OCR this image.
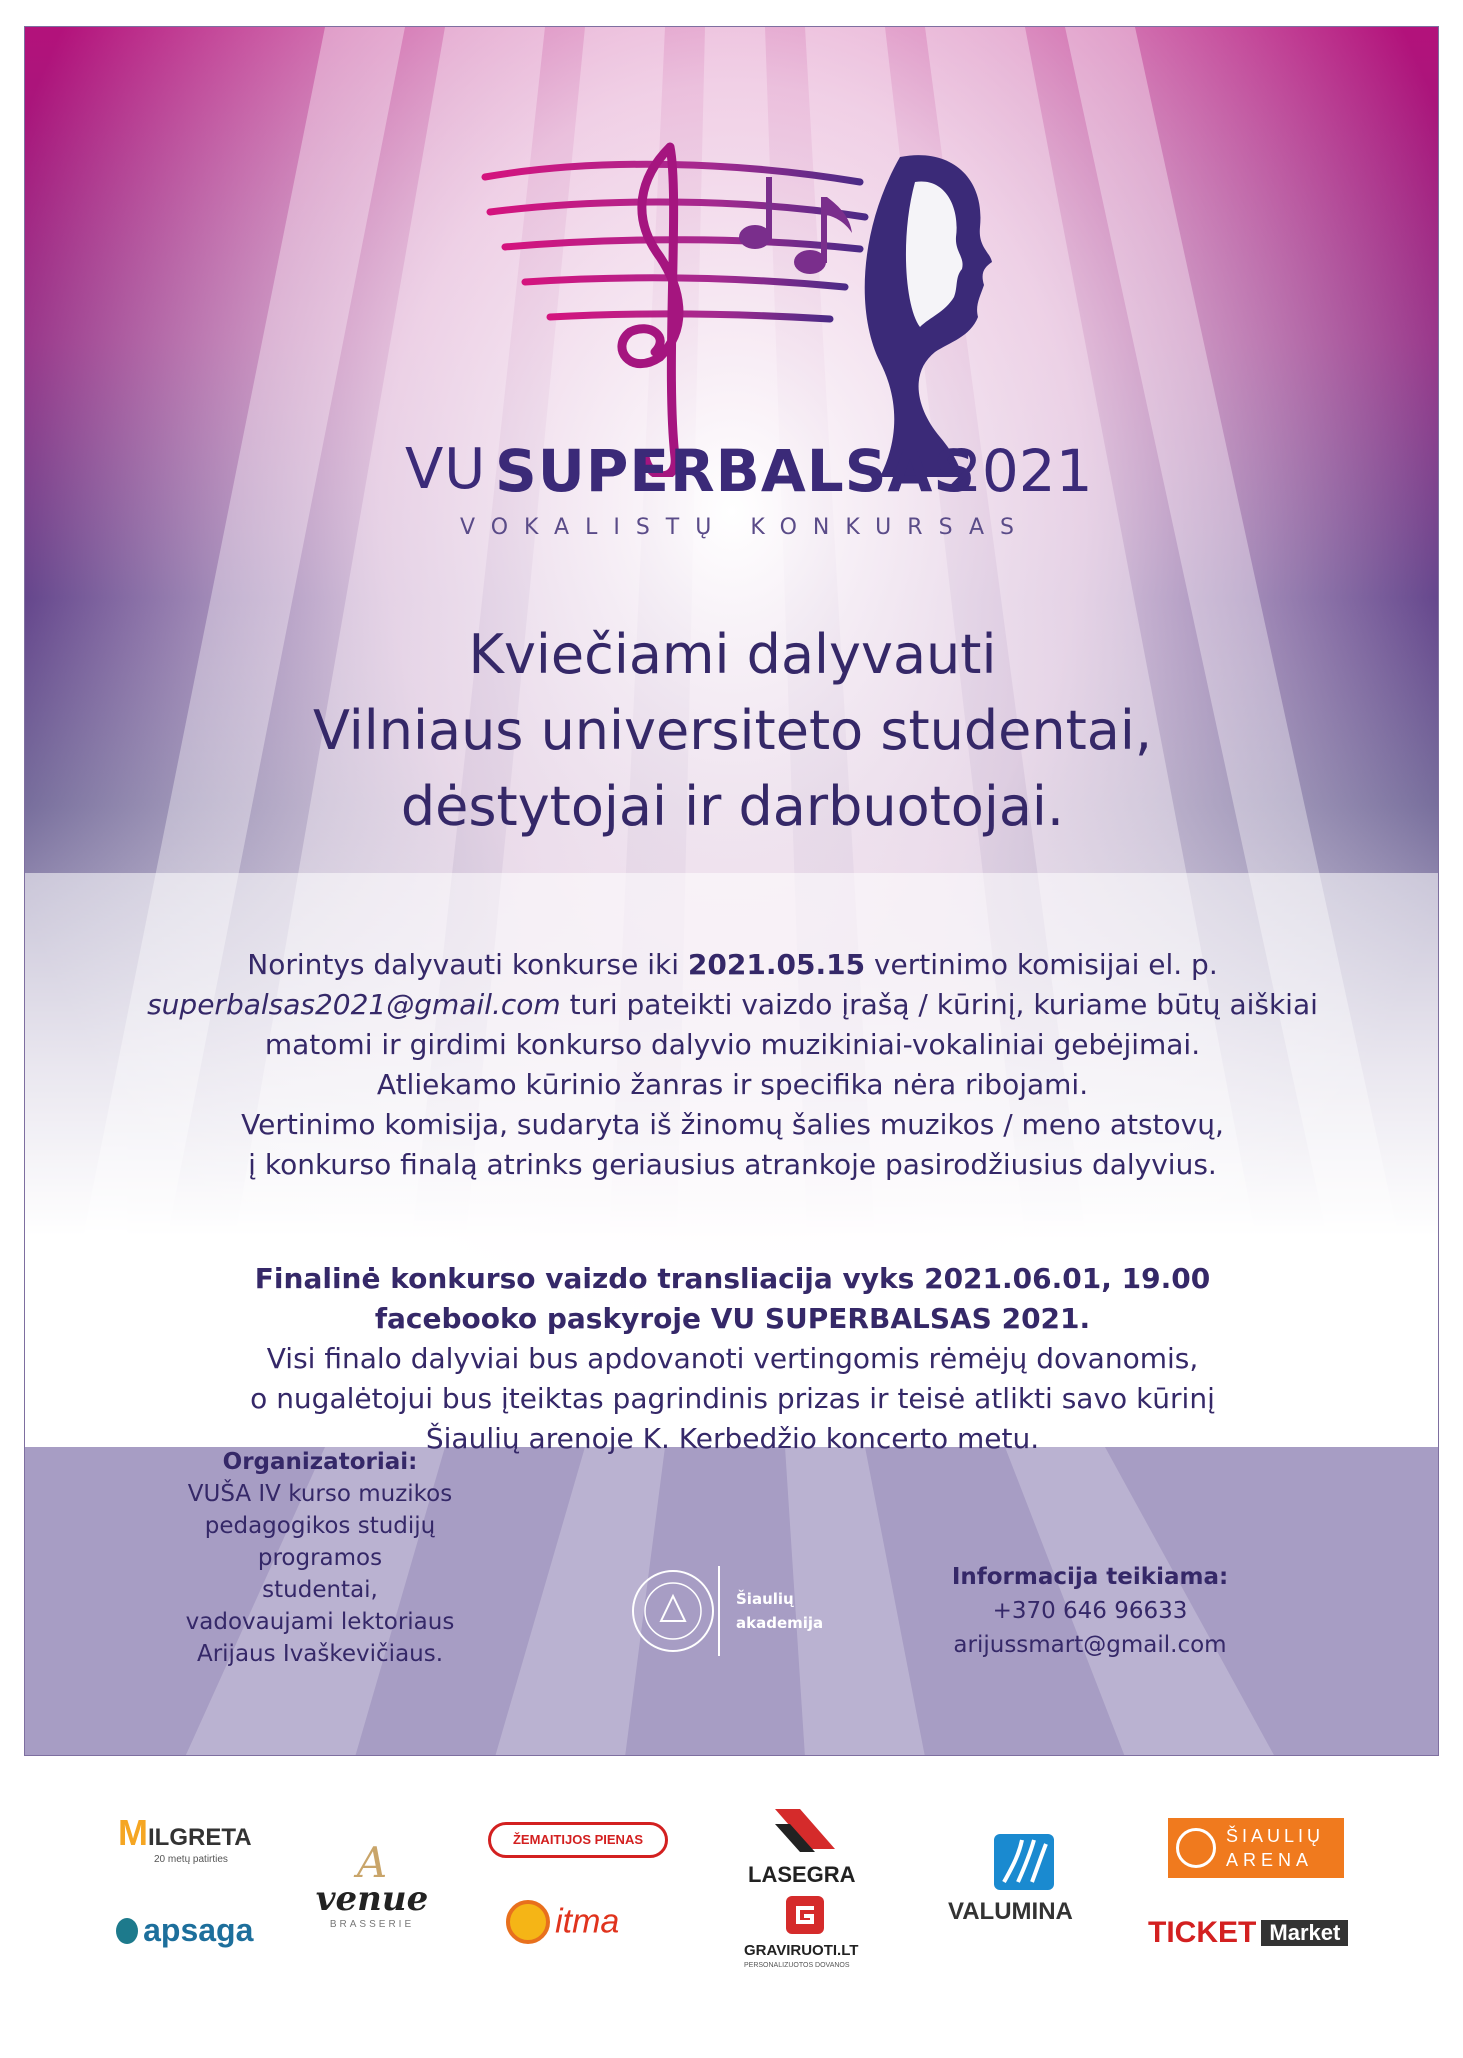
VU SUPERBALSAS
2021
VOKALISTŲ KONKURSAS
Kviečiami dalyvauti
Vilniaus universiteto studentai,
dėstytojai ir darbuotojai.

Norintys dalyvauti konkurse iki 2021.05.15 vertinimo komisijai el. p.

superbalsas2021@gmail.com turi pateikti vaizdo įrašą / kūrinį, kuriame būtų aiškiai

matomi ir girdimi konkurso dalyvio muzikiniai-vokaliniai gebėjimai.

Atliekamo kūrinio žanras ir specifika nėra ribojami.

Vertinimo komisija, sudaryta iš žinomų šalies muzikos / meno atstovų,

į konkurso finalą atrinks geriausius atrankoje pasirodžiusius dalyvius.

Finalinė konkurso vaizdo transliacija vyks 2021.06.01, 19.00

facebooko paskyroje VU SUPERBALSAS 2021.

Visi finalo dalyviai bus apdovanoti vertingomis rėmėjų dovanomis,

o nugalėtojui bus įteiktas pagrindinis prizas ir teisė atlikti savo kūrinį

Šiaulių arenoje K. Kerbedžio koncerto metu.

Organizatoriai:
VUŠA IV kurso muzikos
pedagogikos studijų programos
studentai,
vadovaujami lektoriaus
Arijaus Ivaškevičiaus.
Šiaulių
akademija
Informacija teikiama:
+370 646 96633
arijussmart@gmail.com
MILGRETA
20 metų patirties
apsaga
A
venue
BRASSERIE
ŽEMAITIJOS PIENAS
itma
LASEGRA
GRAVIRUOTI.LT
PERSONALIZUOTOS DOVANOS
VALUMINA
ŠIAULIŲ
ARENA
TICKET Market
